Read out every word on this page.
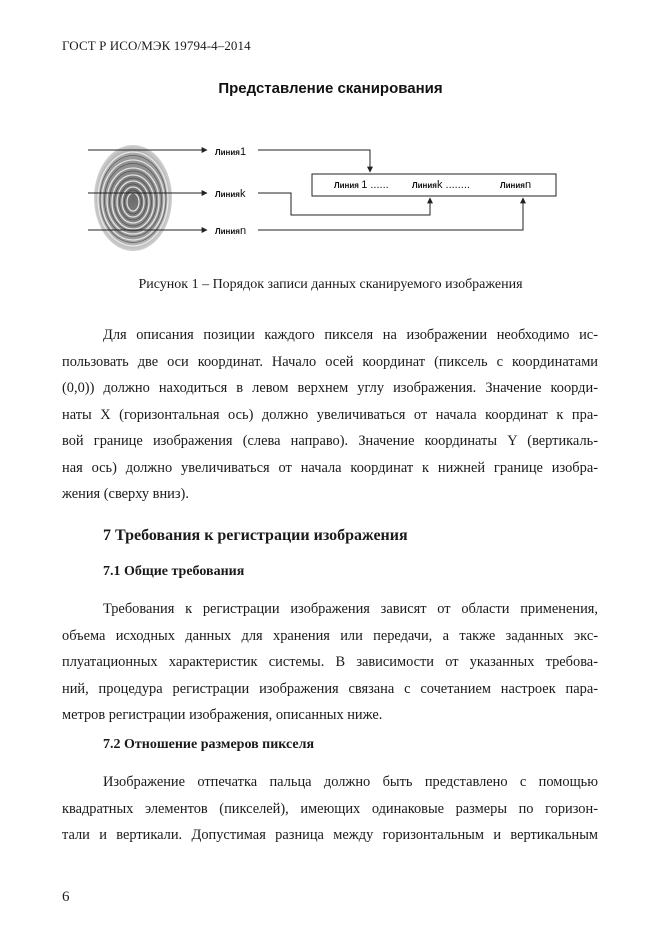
ГОСТ Р ИСО/МЭК 19794-4–2014
Представление сканирования
Линия1
Линияk
Линияn
Линия 1 ......	Линияk ........	Линияn
Рисунок 1 – Порядок записи данных сканируемого изображения
Для описания позиции каждого пикселя на изображении необходимо ис-
пользовать две оси координат. Начало осей координат (пиксель с координатами
(0,0)) должно находиться в левом верхнем углу изображения. Значение коорди-
наты X (горизонтальная ось) должно увеличиваться от начала координат к пра-
вой границе изображения (слева направо). Значение координаты Y (вертикаль-
ная ось) должно увеличиваться от начала координат к нижней границе изобра-
жения (сверху вниз).
7 Требования к регистрации изображения
7.1 Общие требования
Требования к регистрации изображения зависят от области применения,
объема исходных данных для хранения или передачи, а также заданных экс-
плуатационных характеристик системы. В зависимости от указанных требова-
ний, процедура регистрации изображения связана с сочетанием настроек пара-
метров регистрации изображения, описанных ниже.
7.2 Отношение размеров пикселя
Изображение отпечатка пальца должно быть представлено с помощью
квадратных элементов (пикселей), имеющих одинаковые размеры по горизон-
тали и вертикали. Допустимая разница между горизонтальным и вертикальным
6
